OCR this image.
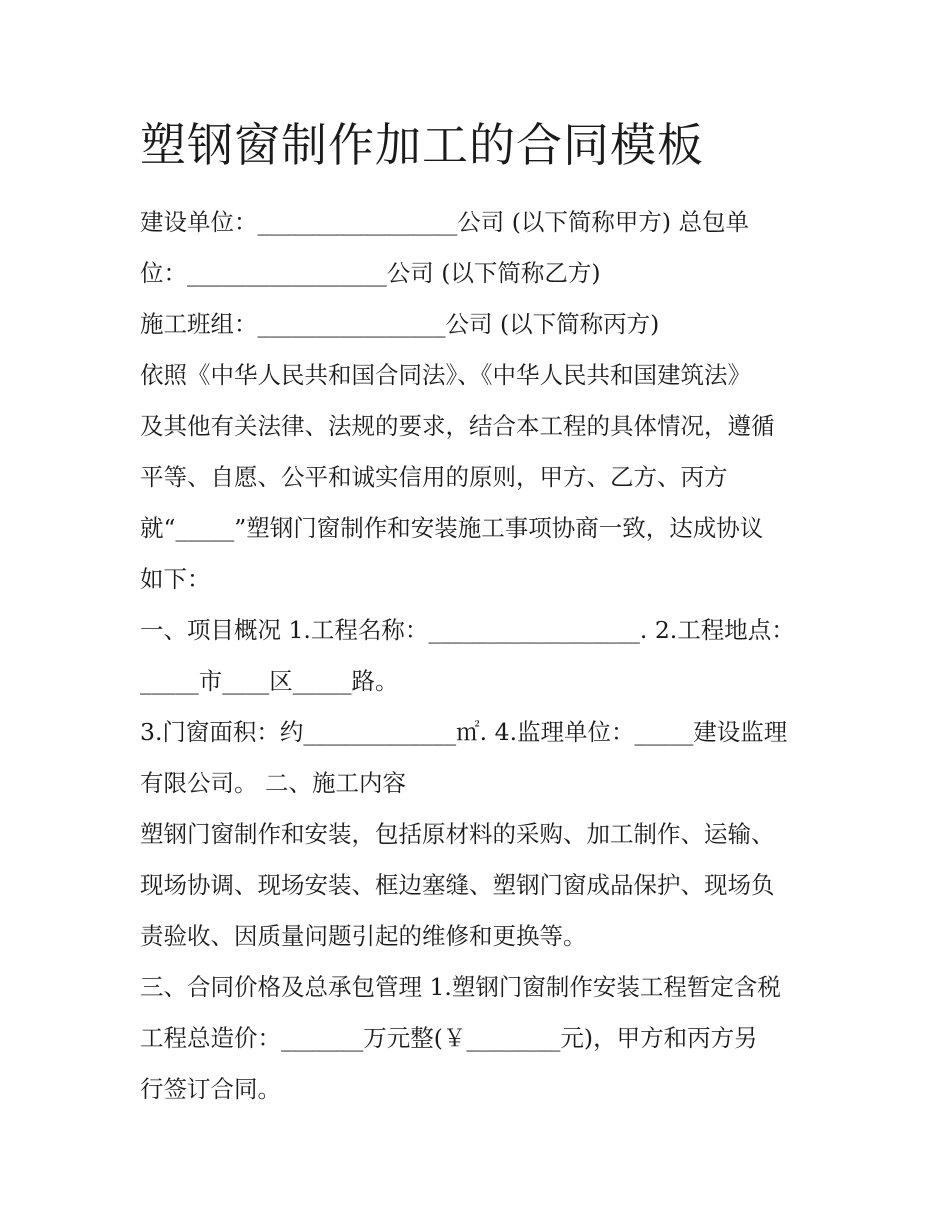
塑钢窗制作加工的合同模板
建设单位：_________________公司 (以下简称甲方) 总包单
位：_________________公司 (以下简称乙方)
施工班组：________________公司 (以下简称丙方)
依照《中华人民共和国合同法》、《中华人民共和国建筑法》
及其他有关法律、法规的要求，结合本工程的具体情况，遵循
平等、自愿、公平和诚实信用的原则，甲方、乙方、丙方
就“_____”塑钢门窗制作和安装施工事项协商一致，达成协议
如下：
一、项目概况 1.工程名称：__________________. 2.工程地点：
_____市____区_____路。
3.门窗面积：约_____________㎡. 4.监理单位：_____建设监理
有限公司。 二、施工内容
塑钢门窗制作和安装，包括原材料的采购、加工制作、运输、
现场协调、现场安装、框边塞缝、塑钢门窗成品保护、现场负
责验收、因质量问题引起的维修和更换等。
三、合同价格及总承包管理 1.塑钢门窗制作安装工程暂定含税
工程总造价：_______万元整(￥________元)，甲方和丙方另
行签订合同。
